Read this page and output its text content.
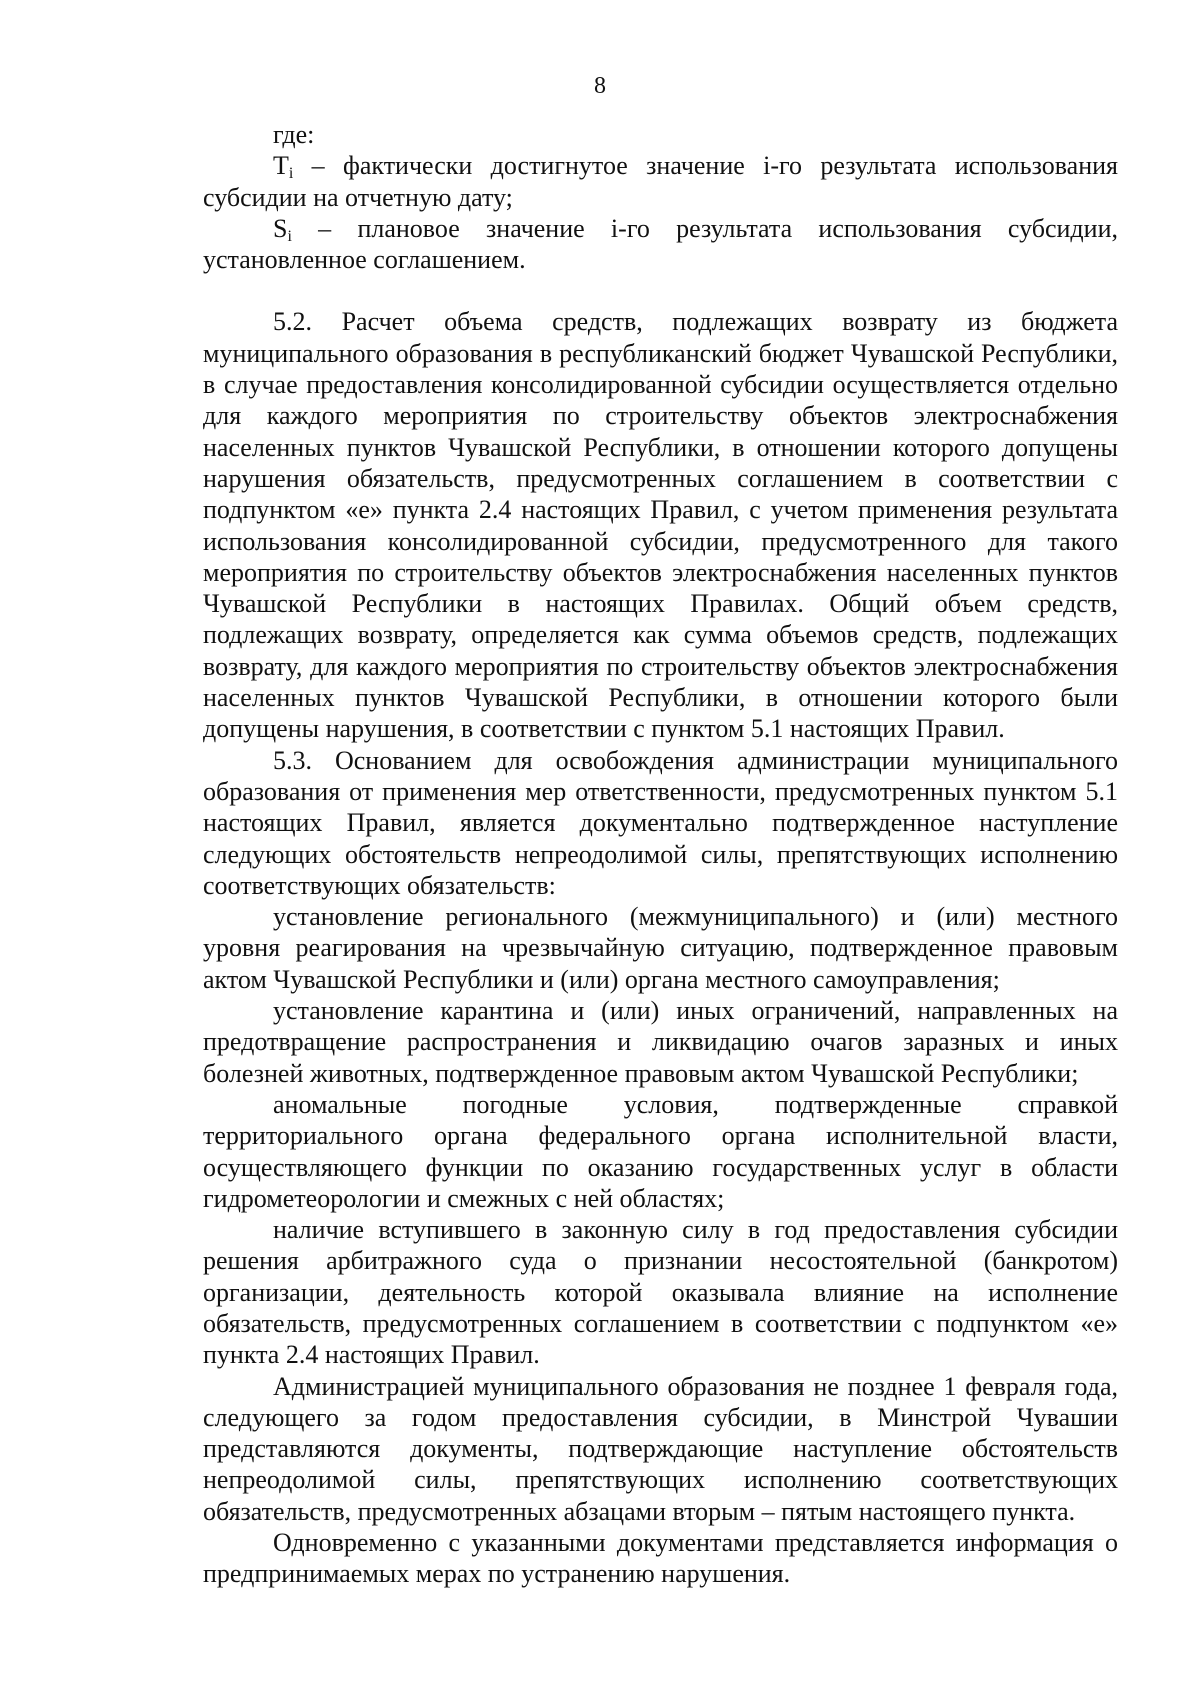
8

где:

$T_i$ – фактически достигнутое значение i-го результата использования субсидии на отчетную дату;

$S_i$ – плановое значение i-го результата использования субсидии, установленное соглашением.

5.2. Расчет объема средств, подлежащих возврату из бюджета муниципального образования в республиканский бюджет Чувашской Республики, в случае предоставления консолидированной субсидии осуществляется отдельно для каждого мероприятия по строительству объектов электроснабжения населенных пунктов Чувашской Республики, в отношении которого допущены нарушения обязательств, предусмотренных соглашением в соответствии с подпунктом «е» пункта 2.4 настоящих Правил, с учетом применения результата использования консолидированной субсидии, предусмотренного для такого мероприятия по строительству объектов электроснабжения населенных пунктов Чувашской Республики в настоящих Правилах. Общий объем средств, подлежащих возврату, определяется как сумма объемов средств, подлежащих возврату, для каждого мероприятия по строительству объектов электроснабжения населенных пунктов Чувашской Республики, в отношении которого были допущены нарушения, в соответствии с пунктом 5.1 настоящих Правил.

5.3. Основанием для освобождения администрации муниципального образования от применения мер ответственности, предусмотренных пунктом 5.1 настоящих Правил, является документально подтвержденное наступление следующих обстоятельств непреодолимой силы, препятствующих исполнению соответствующих обязательств:

установление регионального (межмуниципального) и (или) местного уровня реагирования на чрезвычайную ситуацию, подтвержденное правовым актом Чувашской Республики и (или) органа местного самоуправления;

установление карантина и (или) иных ограничений, направленных на предотвращение распространения и ликвидацию очагов заразных и иных болезней животных, подтвержденное правовым актом Чувашской Республики;

аномальные погодные условия, подтвержденные справкой территориального органа федерального органа исполнительной власти, осуществляющего функции по оказанию государственных услуг в области гидрометеорологии и смежных с ней областях;

наличие вступившего в законную силу в год предоставления субсидии решения арбитражного суда о признании несостоятельной (банкротом) организации, деятельность которой оказывала влияние на исполнение обязательств, предусмотренных соглашением в соответствии с подпунктом «е» пункта 2.4 настоящих Правил.

Администрацией муниципального образования не позднее 1 февраля года, следующего за годом предоставления субсидии, в Минстрой Чувашии представляются документы, подтверждающие наступление обстоятельств непреодолимой силы, препятствующих исполнению соответствующих обязательств, предусмотренных абзацами вторым – пятым настоящего пункта.

Одновременно с указанными документами представляется информация о предпринимаемых мерах по устранению нарушения.
